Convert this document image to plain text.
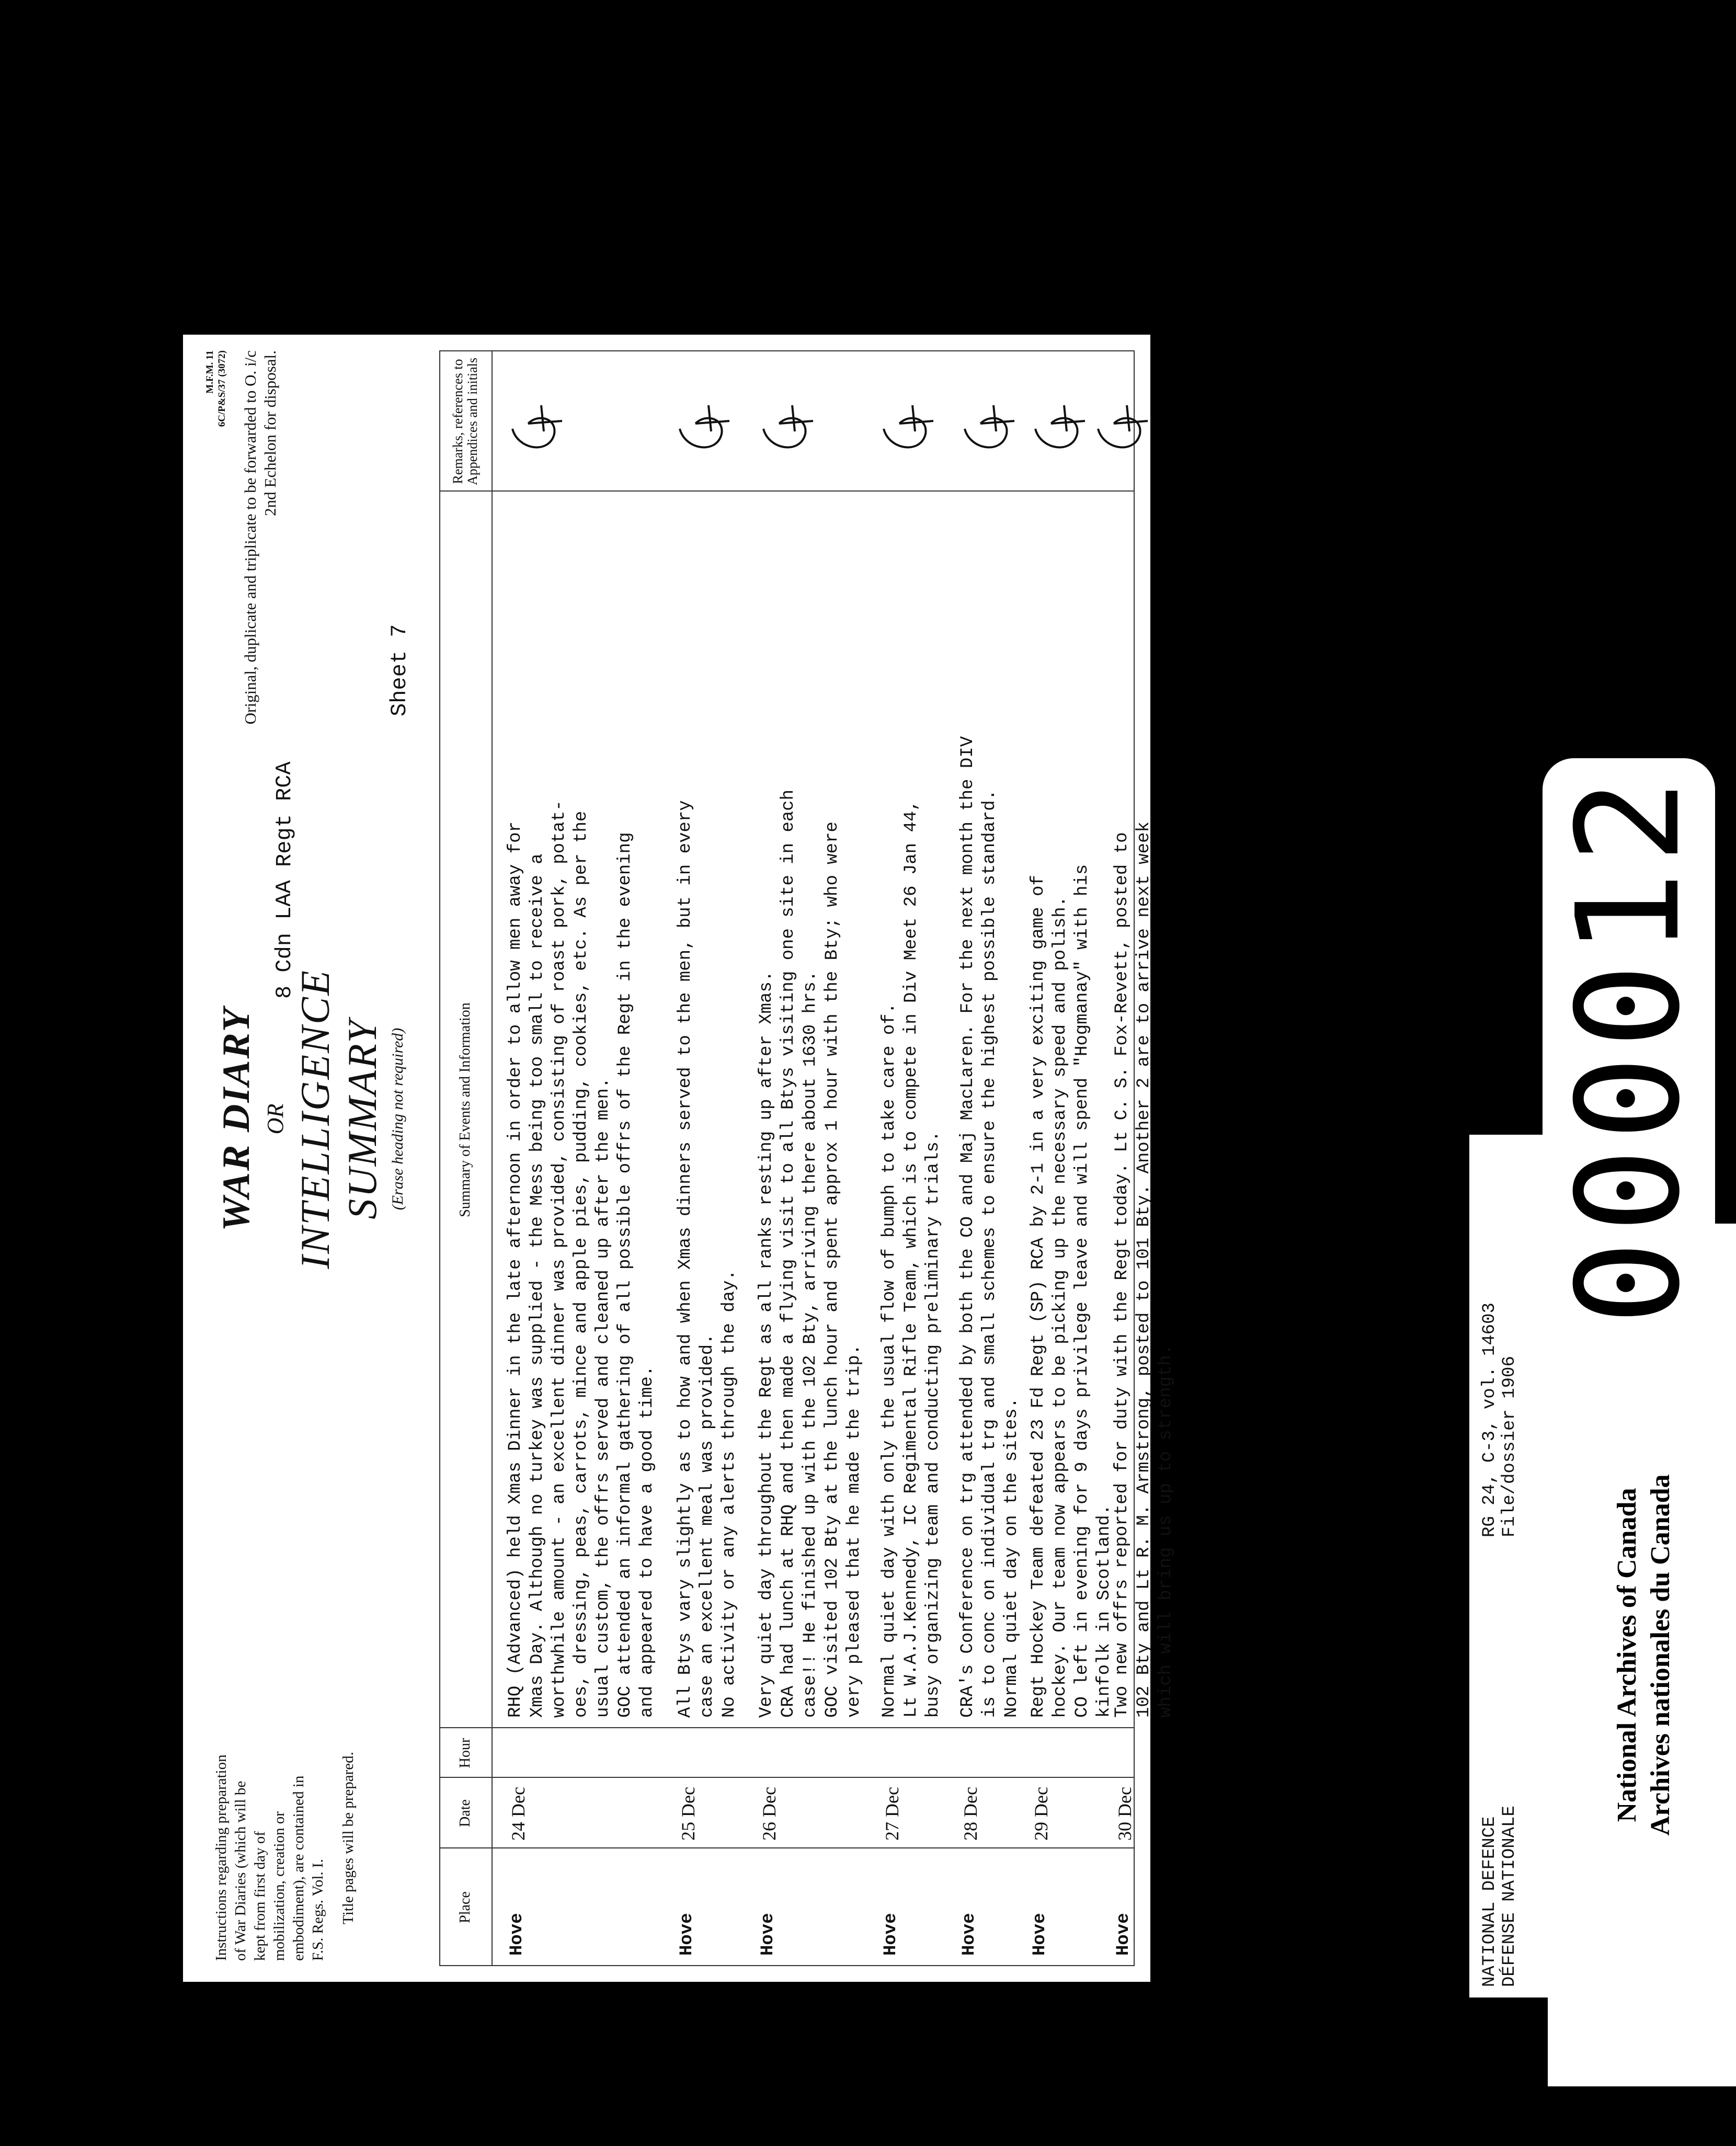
Instructions regarding preparation of War Diaries (which will be kept from first day of mobilization, creation or embodiment), are contained in F.S. Regs. Vol. I. Title pages will be prepared.
WAR DIARY OR INTELLIGENCE SUMMARY (Erase heading not required)
8 Cdn LAA Regt RCA
Sheet 7
M.F.M. 11
6C/P&S/37 (3072) Original, duplicate and triplicate to be forwarded to O. i/c 2nd Echelon for disposal.
Place
Date
Hour
Summary of Events and Information
Remarks, references to Appendices and initials
Hove
24 Dec
RHQ (Advanced) held Xmas Dinner in the late afternoon in order to allow men away for
Xmas Day. Although no turkey was supplied - the Mess being too small to receive a
worthwhile amount - an excellent dinner was provided, consisting of roast pork, potat-
oes, dressing, peas, carrots, mince and apple pies, pudding, cookies, etc. As per the
usual custom, the offrs served and cleaned up after the men.
GOC attended an informal gathering of all possible offrs of the Regt in the evening
and appeared to have a good time.
Hove
25 Dec
All Btys vary slightly as to how and when Xmas dinners served to the men, but in every
case an excellent meal was provided.
No activity or any alerts through the day.
Hove
26 Dec
Very quiet day throughout the Regt as all ranks resting up after Xmas.
CRA had lunch at RHQ and then made a flying visit to all Btys visiting one site in each
case!! He finished up with the 102 Bty, arriving there about 1630 hrs.
GOC visited 102 Bty at the lunch hour and spent approx 1 hour with the Bty; who were
very pleased that he made the trip.
Hove
27 Dec
Normal quiet day with only the usual flow of bumph to take care of.
Lt W.A.J.Kennedy, IC Regimental Rifle Team, which is to compete in Div Meet 26 Jan 44,
busy organizing team and conducting preliminary trials.
Hove
28 Dec
CRA's Conference on trg attended by both the CO and Maj MacLaren. For the next month the DIV
is to conc on individual trg and small schemes to ensure the highest possible standard.
Normal quiet day on the sites.
Hove
29 Dec
Regt Hockey Team defeated 23 Fd Regt (SP) RCA by 2-1 in a very exciting game of
hockey. Our team now appears to be picking up the necessary speed and polish.
CO left in evening for 9 days privilege leave and will spend "Hogmanay" with his
kinfolk in Scotland.
Hove
30 Dec
Two new offrs reported for duty with the Regt today. Lt C. S. Fox-Revett, posted to
102 Bty and Lt R. M. Armstrong, posted to 101 Bty. Another 2 are to arrive next week
which will bring us up to strength.
NATIONAL DEFENCE
DÉFENSE NATIONALE
RG 24, C-3, vol. 14603
File/dossier 1906
National Archives of Canada Archives nationales du Canada
000012
